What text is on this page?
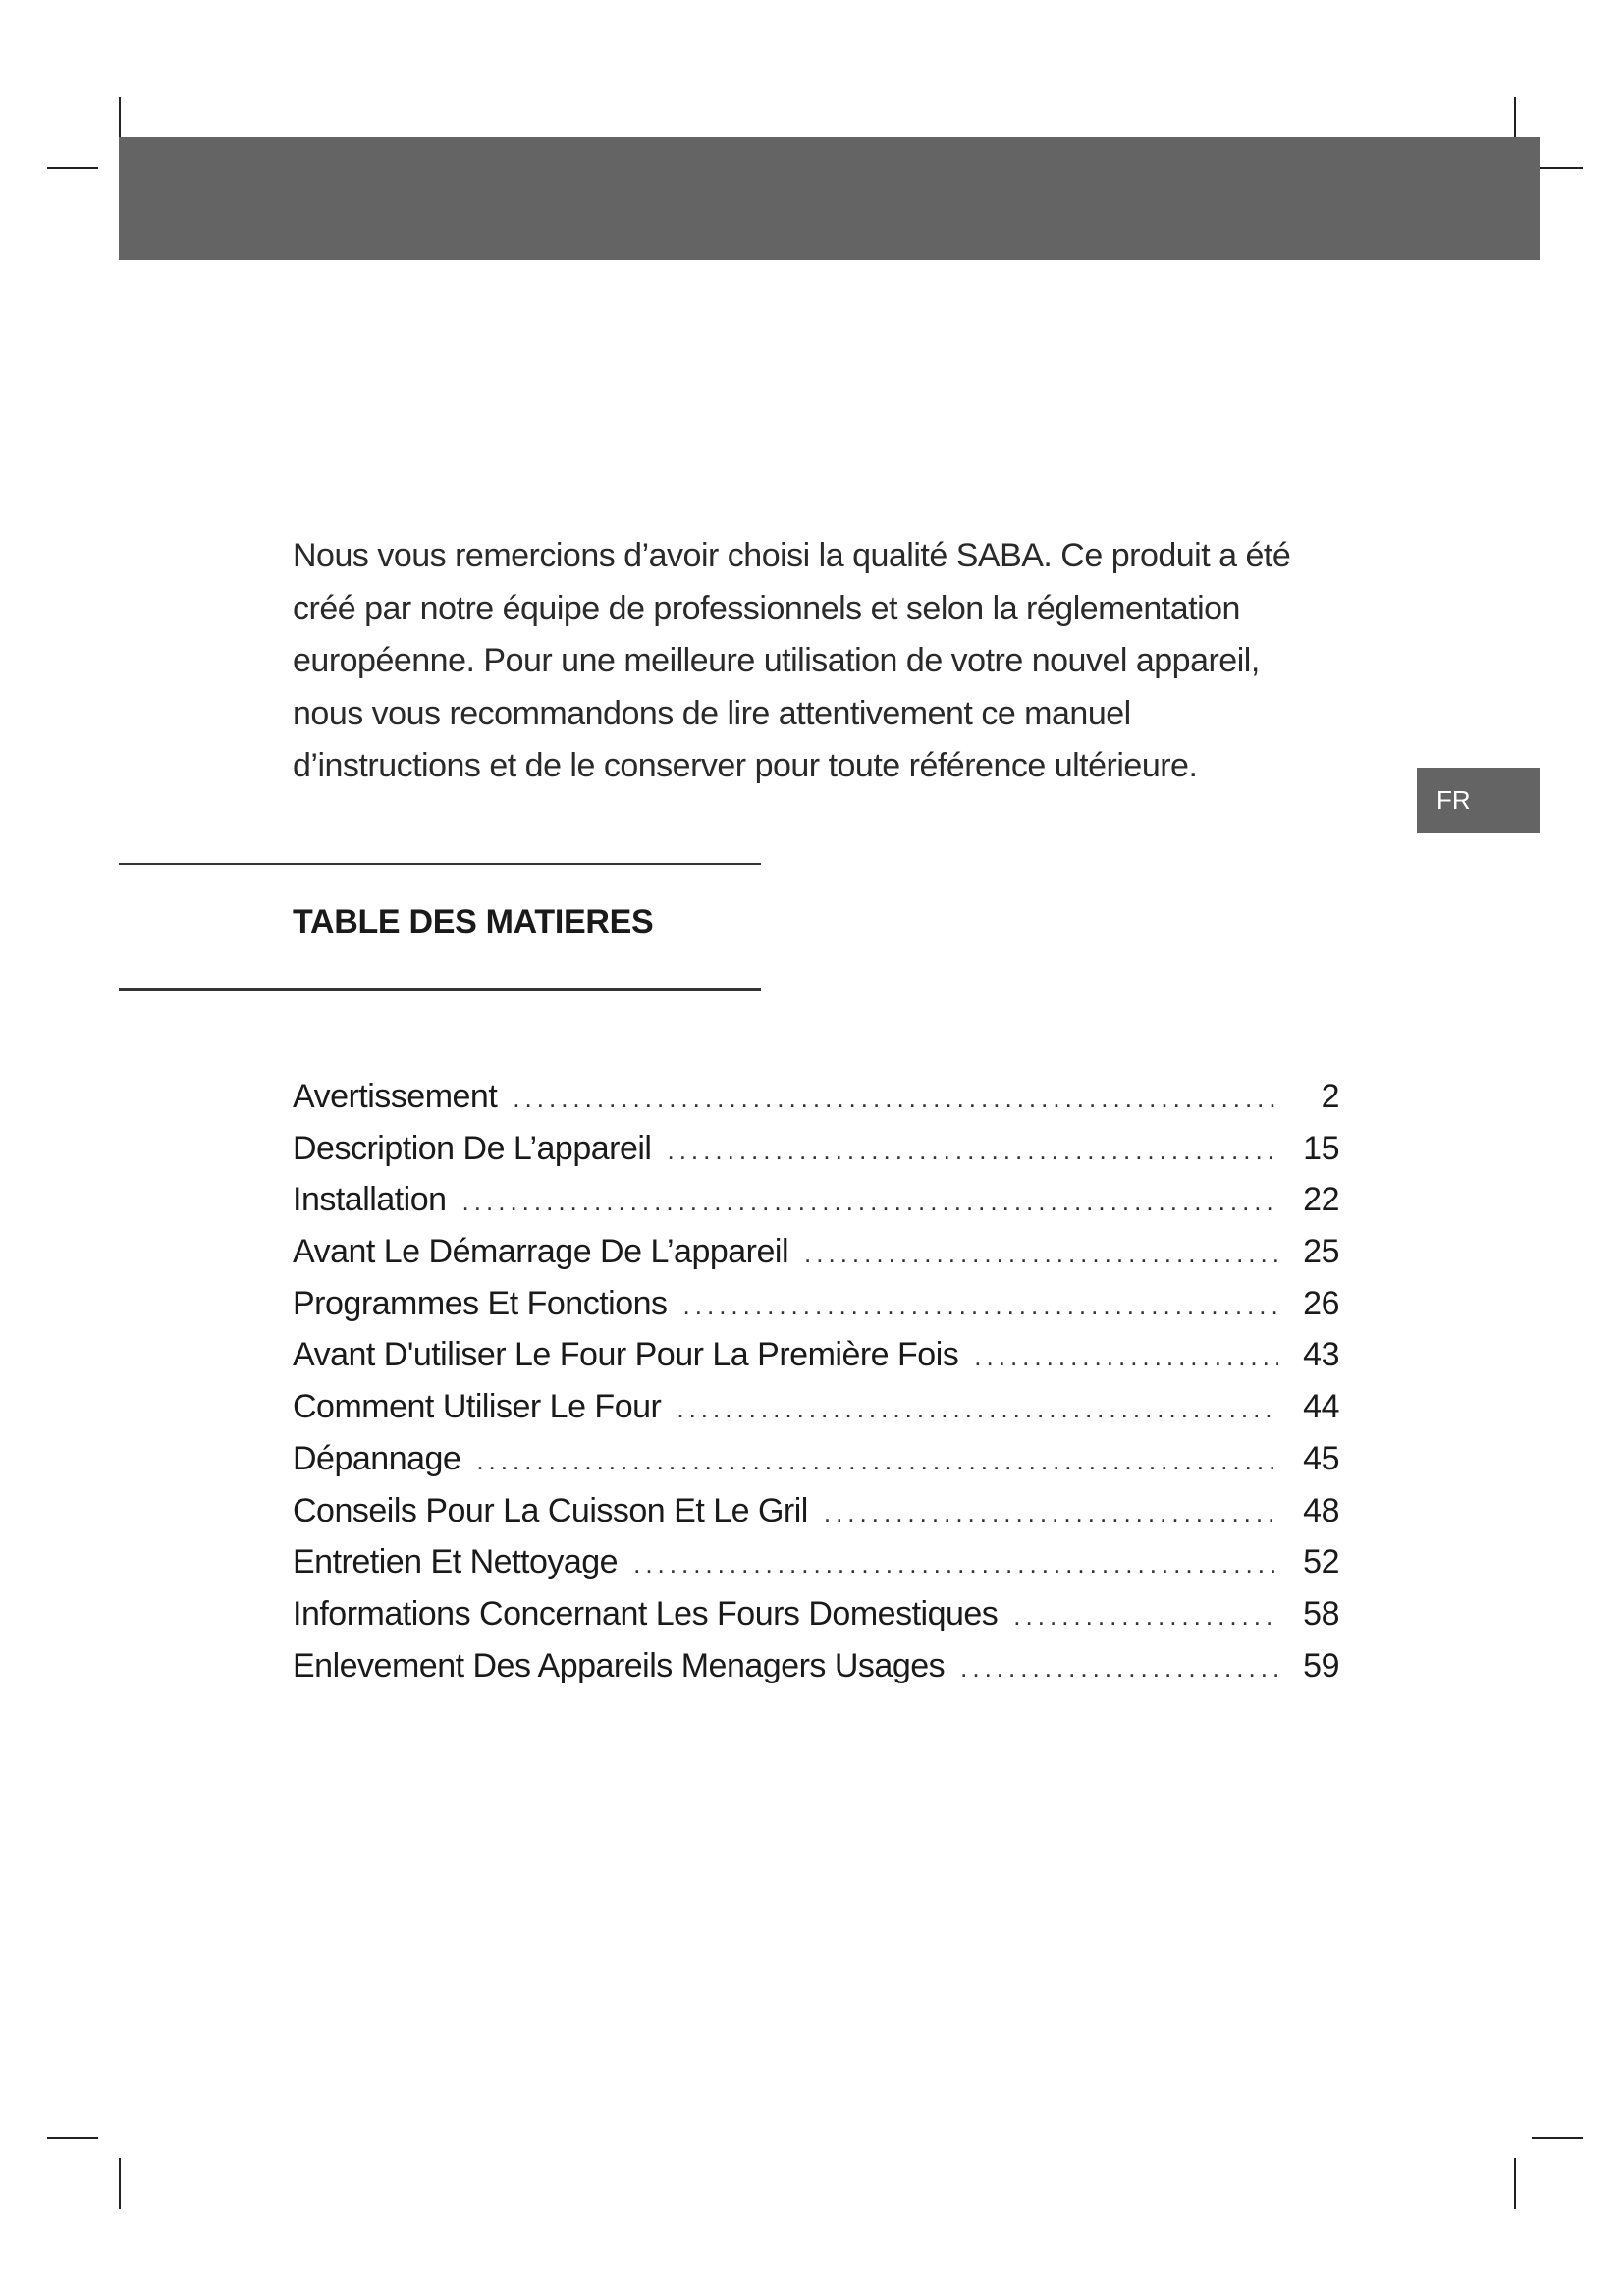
FR

Nous vous remercions d’avoir choisi la qualité SABA. Ce produit a été créé par notre équipe de professionnels et selon la réglementation européenne. Pour une meilleure utilisation de votre nouvel appareil, nous vous recommandons de lire attentivement ce manuel d’instructions et de le conserver pour toute référence ultérieure.

TABLE DES MATIERES
Avertissement .....	2
Description De L’appareil .....	15
Installation .....	22
Avant Le Démarrage De L’appareil .....	25
Programmes Et Fonctions .....	26
Avant D'utiliser Le Four Pour La Première Fois .....	43
Comment Utiliser Le Four .....	44
Dépannage .....	45
Conseils Pour La Cuisson Et Le Gril .....	48
Entretien Et Nettoyage .....	52
Informations Concernant Les Fours Domestiques .....	58
Enlevement Des Appareils Menagers Usages .....	59
